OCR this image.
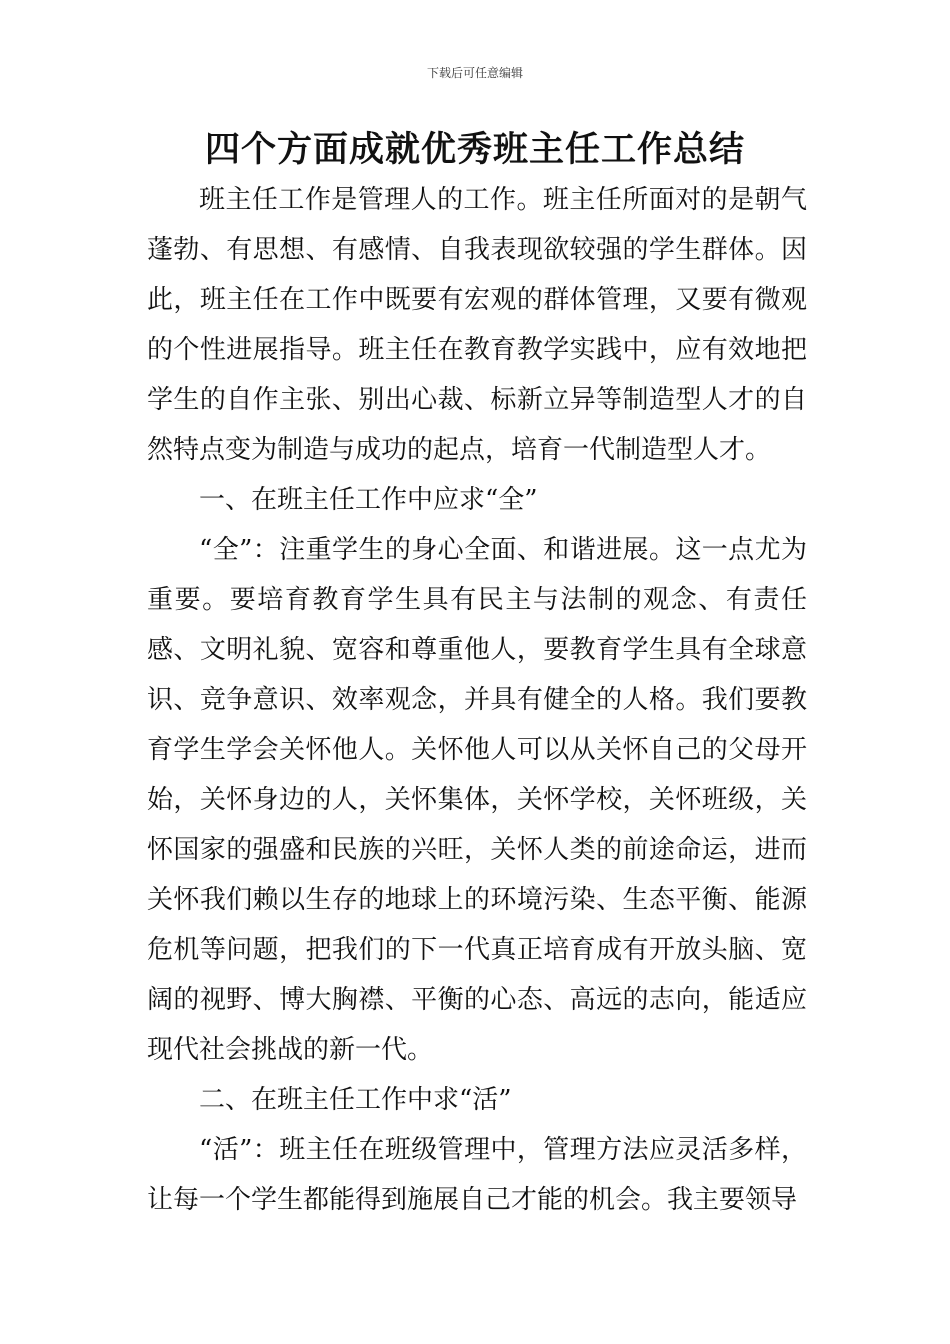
下载后可任意编辑
四个方面成就优秀班主任工作总结

班主任工作是管理人的工作。班主任所面对的是朝气蓬勃、有思想、有感情、自我表现欲较强的学生群体。因此，班主任在工作中既要有宏观的群体管理，又要有微观的个性进展指导。班主任在教育教学实践中，应有效地把学生的自作主张、别出心裁、标新立异等制造型人才的自然特点变为制造与成功的起点，培育一代制造型人才。

一、在班主任工作中应求“全”

“全”：注重学生的身心全面、和谐进展。这一点尤为重要。要培育教育学生具有民主与法制的观念、有责任感、文明礼貌、宽容和尊重他人，要教育学生具有全球意识、竞争意识、效率观念，并具有健全的人格。我们要教育学生学会关怀他人。关怀他人可以从关怀自己的父母开始，关怀身边的人，关怀集体，关怀学校，关怀班级，关怀国家的强盛和民族的兴旺，关怀人类的前途命运，进而关怀我们赖以生存的地球上的环境污染、生态平衡、能源危机等问题，把我们的下一代真正培育成有开放头脑、宽阔的视野、博大胸襟、平衡的心态、高远的志向，能适应现代社会挑战的新一代。

二、在班主任工作中求“活”

“活”：班主任在班级管理中，管理方法应灵活多样，让每一个学生都能得到施展自己才能的机会。我主要领导
